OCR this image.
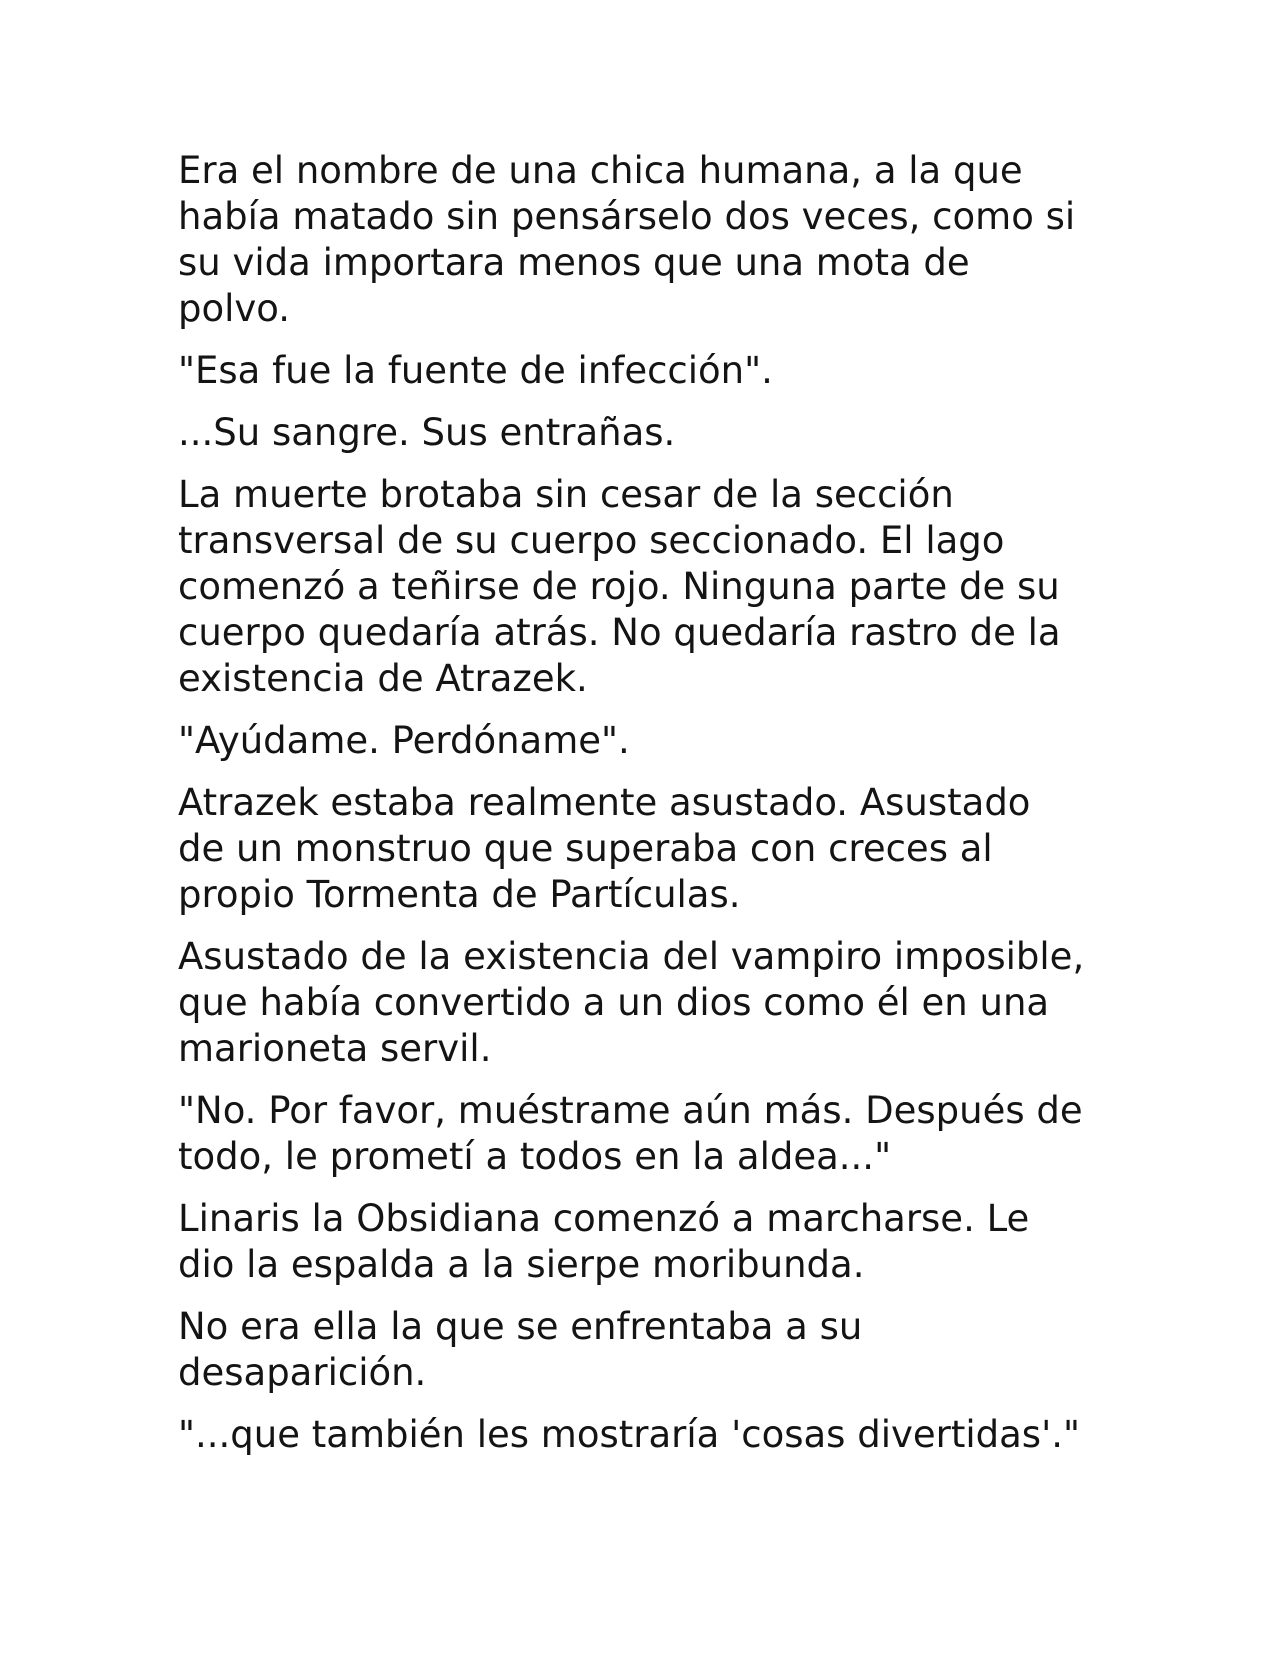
Era el nombre de una chica humana, a la que
había matado sin pensárselo dos veces, como si
su vida importara menos que una mota de
polvo.

"Esa fue la fuente de infección".

...Su sangre. Sus entrañas.

La muerte brotaba sin cesar de la sección
transversal de su cuerpo seccionado. El lago
comenzó a teñirse de rojo. Ninguna parte de su
cuerpo quedaría atrás. No quedaría rastro de la
existencia de Atrazek.

"Ayúdame. Perdóname".

Atrazek estaba realmente asustado. Asustado
de un monstruo que superaba con creces al
propio Tormenta de Partículas.

Asustado de la existencia del vampiro imposible,
que había convertido a un dios como él en una
marioneta servil.

"No. Por favor, muéstrame aún más. Después de
todo, le prometí a todos en la aldea..."

Linaris la Obsidiana comenzó a marcharse. Le
dio la espalda a la sierpe moribunda.

No era ella la que se enfrentaba a su
desaparición.

"...que también les mostraría 'cosas divertidas'."
